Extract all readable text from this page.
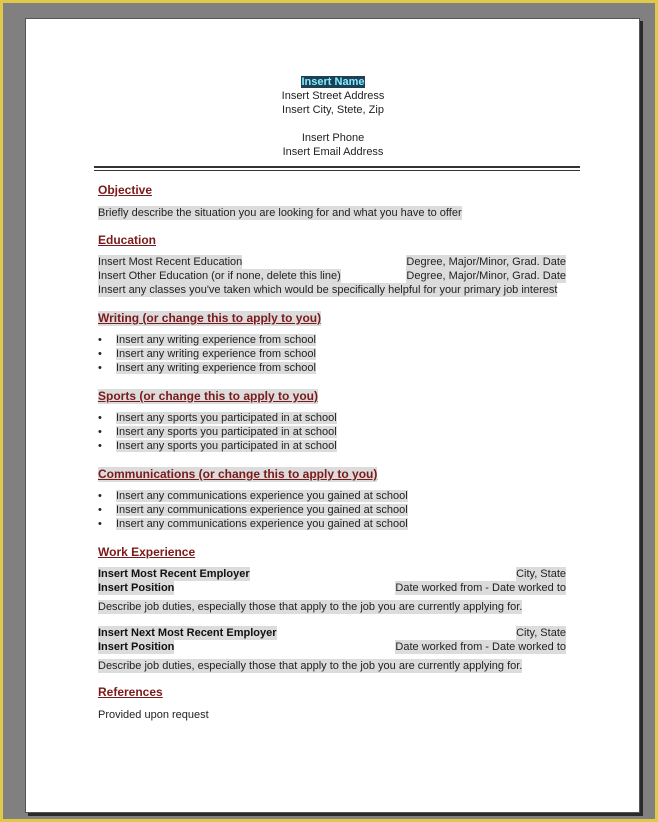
Insert Name
Insert Street Address
Insert City, Stete, Zip
Insert Phone
Insert Email Address
Objective
Briefly describe the situation you are looking for and what you have to offer
Education
Insert Most Recent Education	Degree, Major/Minor, Grad. Date
Insert Other Education (or if none, delete this line)	Degree, Major/Minor, Grad. Date
Insert any classes you've taken which would be specifically helpful for your primary job interest
Writing (or change this to apply to you)
• Insert any writing experience from school
• Insert any writing experience from school
• Insert any writing experience from school
Sports (or change this to apply to you)
• Insert any sports you participated in at school
• Insert any sports you participated in at school
• Insert any sports you participated in at school
Communications (or change this to apply to you)
• Insert any communications experience you gained at school
• Insert any communications experience you gained at school
• Insert any communications experience you gained at school
Work Experience
Insert Most Recent Employer	City, State
Insert Position	Date worked from - Date worked to
Describe job duties, especially those that apply to the job you are currently applying for.
Insert Next Most Recent Employer	City, State
Insert Position	Date worked from - Date worked to
Describe job duties, especially those that apply to the job you are currently applying for.
References
Provided upon request
